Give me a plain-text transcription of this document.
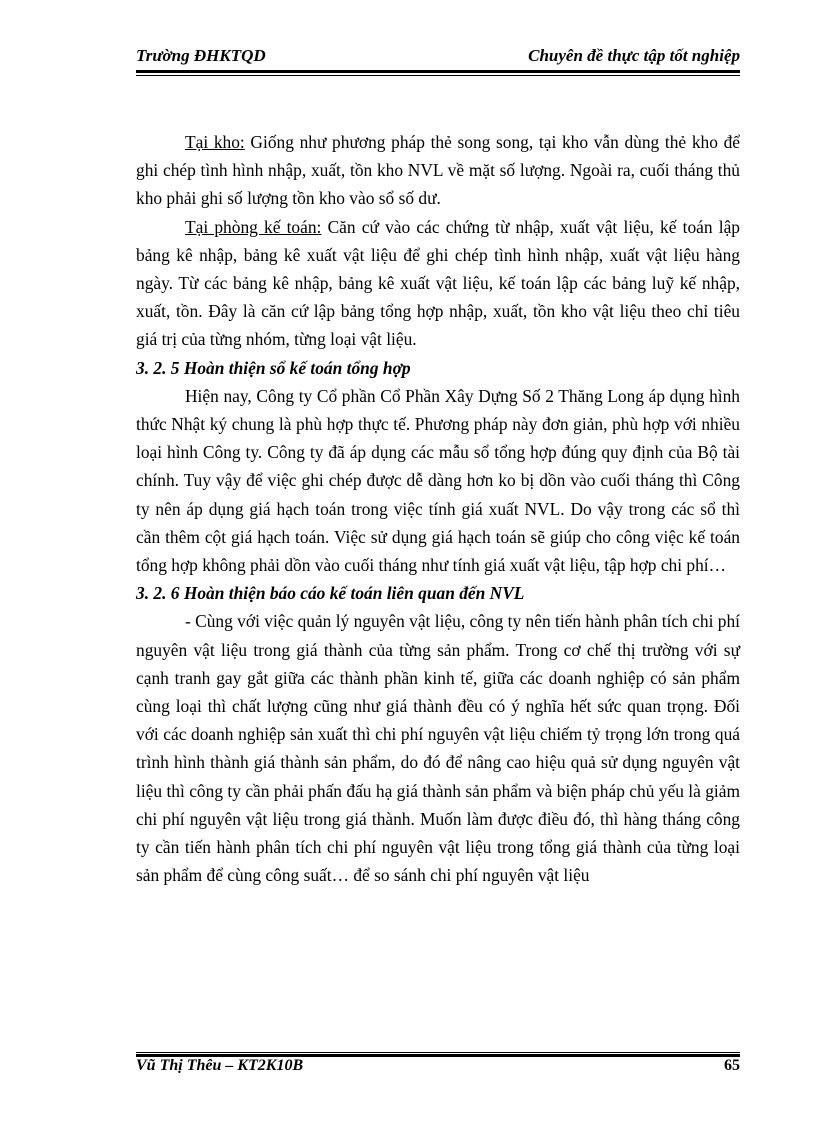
Trường ĐHKTQD	Chuyên đề thực tập tốt nghiệp

Tại kho: Giống như phương pháp thẻ song song, tại kho vẫn dùng thẻ kho để ghi chép tình hình nhập, xuất, tồn kho NVL về mặt số lượng. Ngoài ra, cuối tháng thủ kho phải ghi số lượng tồn kho vào sổ số dư.

Tại phòng kế toán: Căn cứ vào các chứng từ nhập, xuất vật liệu, kế toán lập bảng kê nhập, bảng kê xuất vật liệu để ghi chép tình hình nhập, xuất vật liệu hàng ngày. Từ các bảng kê nhập, bảng kê xuất vật liệu, kế toán lập các bảng luỹ kế nhập, xuất, tồn. Đây là căn cứ lập bảng tổng hợp nhập, xuất, tồn kho vật liệu theo chỉ tiêu giá trị của từng nhóm, từng loại vật liệu.

3. 2. 5 Hoàn thiện sổ kế toán tổng hợp

Hiện nay, Công ty Cổ phần Cổ Phần Xây Dựng Số 2 Thăng Long áp dụng hình thức Nhật ký chung là phù hợp thực tế. Phương pháp này đơn giản, phù hợp với nhiều loại hình Công ty. Công ty đã áp dụng các mẫu sổ tổng hợp đúng quy định của Bộ tài chính. Tuy vậy để việc ghi chép được dễ dàng hơn ko bị dồn vào cuối tháng thì Công ty nên áp dụng giá hạch toán trong việc tính giá xuất NVL. Do vậy trong các sổ thì cần thêm cột giá hạch toán. Việc sử dụng giá hạch toán sẽ giúp cho công việc kế toán tổng hợp không phải dồn vào cuối tháng như tính giá xuất vật liệu, tập hợp chi phí…

3. 2. 6 Hoàn thiện báo cáo kế toán liên quan đến NVL

- Cùng với việc quản lý nguyên vật liệu, công ty nên tiến hành phân tích chi phí nguyên vật liệu trong giá thành của từng sản phẩm. Trong cơ chế thị trường với sự cạnh tranh gay gắt giữa các thành phần kinh tế, giữa các doanh nghiệp có sản phẩm cùng loại thì chất lượng cũng như giá thành đều có ý nghĩa hết sức quan trọng. Đối với các doanh nghiệp sản xuất thì chi phí nguyên vật liệu chiếm tỷ trọng lớn trong quá trình hình thành giá thành sản phẩm, do đó để nâng cao hiệu quả sử dụng nguyên vật liệu thì công ty cần phải phấn đấu hạ giá thành sản phẩm và biện pháp chủ yếu là giảm chi phí nguyên vật liệu trong giá thành. Muốn làm được điều đó, thì hàng tháng công ty cần tiến hành phân tích chi phí nguyên vật liệu trong tổng giá thành của từng loại sản phẩm để cùng công suất… để so sánh chi phí nguyên vật liệu

Vũ Thị Thêu – KT2K10B	65
